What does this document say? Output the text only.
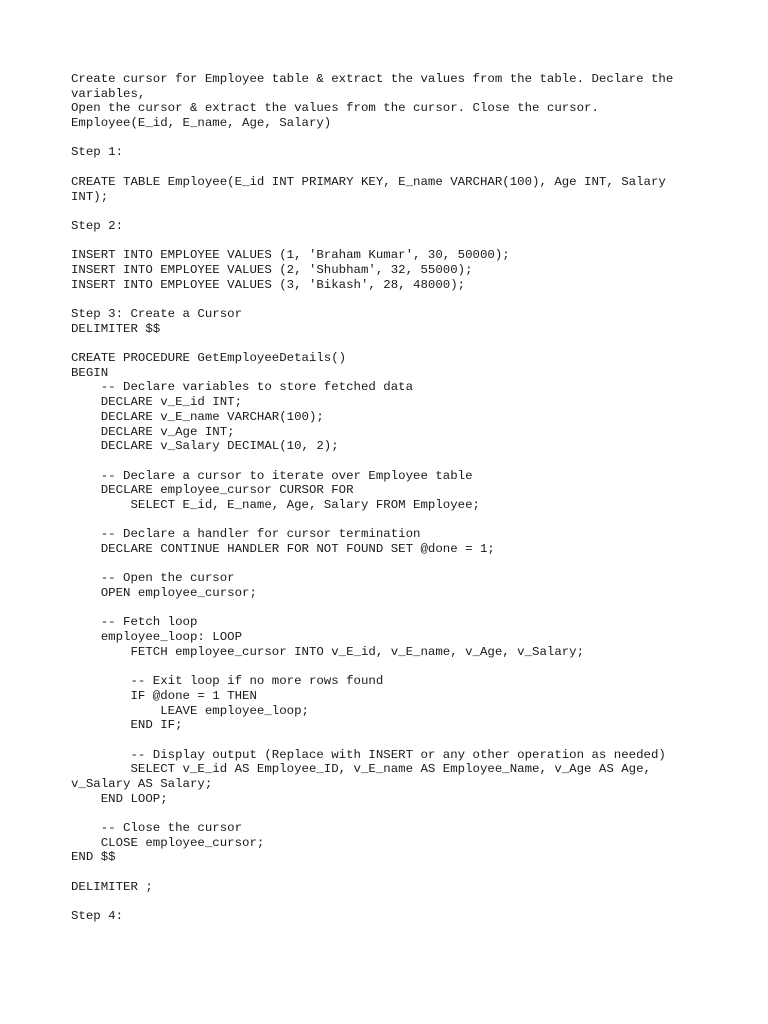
Create cursor for Employee table & extract the values from the table. Declare the
variables,
Open the cursor & extract the values from the cursor. Close the cursor.
Employee(E_id, E_name, Age, Salary)
Step 1:
CREATE TABLE Employee(E_id INT PRIMARY KEY, E_name VARCHAR(100), Age INT, Salary
INT);
Step 2:
INSERT INTO EMPLOYEE VALUES (1, 'Braham Kumar', 30, 50000);
INSERT INTO EMPLOYEE VALUES (2, 'Shubham', 32, 55000);
INSERT INTO EMPLOYEE VALUES (3, 'Bikash', 28, 48000);
Step 3: Create a Cursor
DELIMITER $$
CREATE PROCEDURE GetEmployeeDetails()
BEGIN
-- Declare variables to store fetched data
DECLARE v_E_id INT;
DECLARE v_E_name VARCHAR(100);
DECLARE v_Age INT;
DECLARE v_Salary DECIMAL(10, 2);
-- Declare a cursor to iterate over Employee table
DECLARE employee_cursor CURSOR FOR
SELECT E_id, E_name, Age, Salary FROM Employee;
-- Declare a handler for cursor termination
DECLARE CONTINUE HANDLER FOR NOT FOUND SET @done = 1;
-- Open the cursor
OPEN employee_cursor;
-- Fetch loop
employee_loop: LOOP
FETCH employee_cursor INTO v_E_id, v_E_name, v_Age, v_Salary;
-- Exit loop if no more rows found
IF @done = 1 THEN
LEAVE employee_loop;
END IF;
-- Display output (Replace with INSERT or any other operation as needed)
SELECT v_E_id AS Employee_ID, v_E_name AS Employee_Name, v_Age AS Age,
v_Salary AS Salary;
END LOOP;
-- Close the cursor
CLOSE employee_cursor;
END $$
DELIMITER ;
Step 4:
